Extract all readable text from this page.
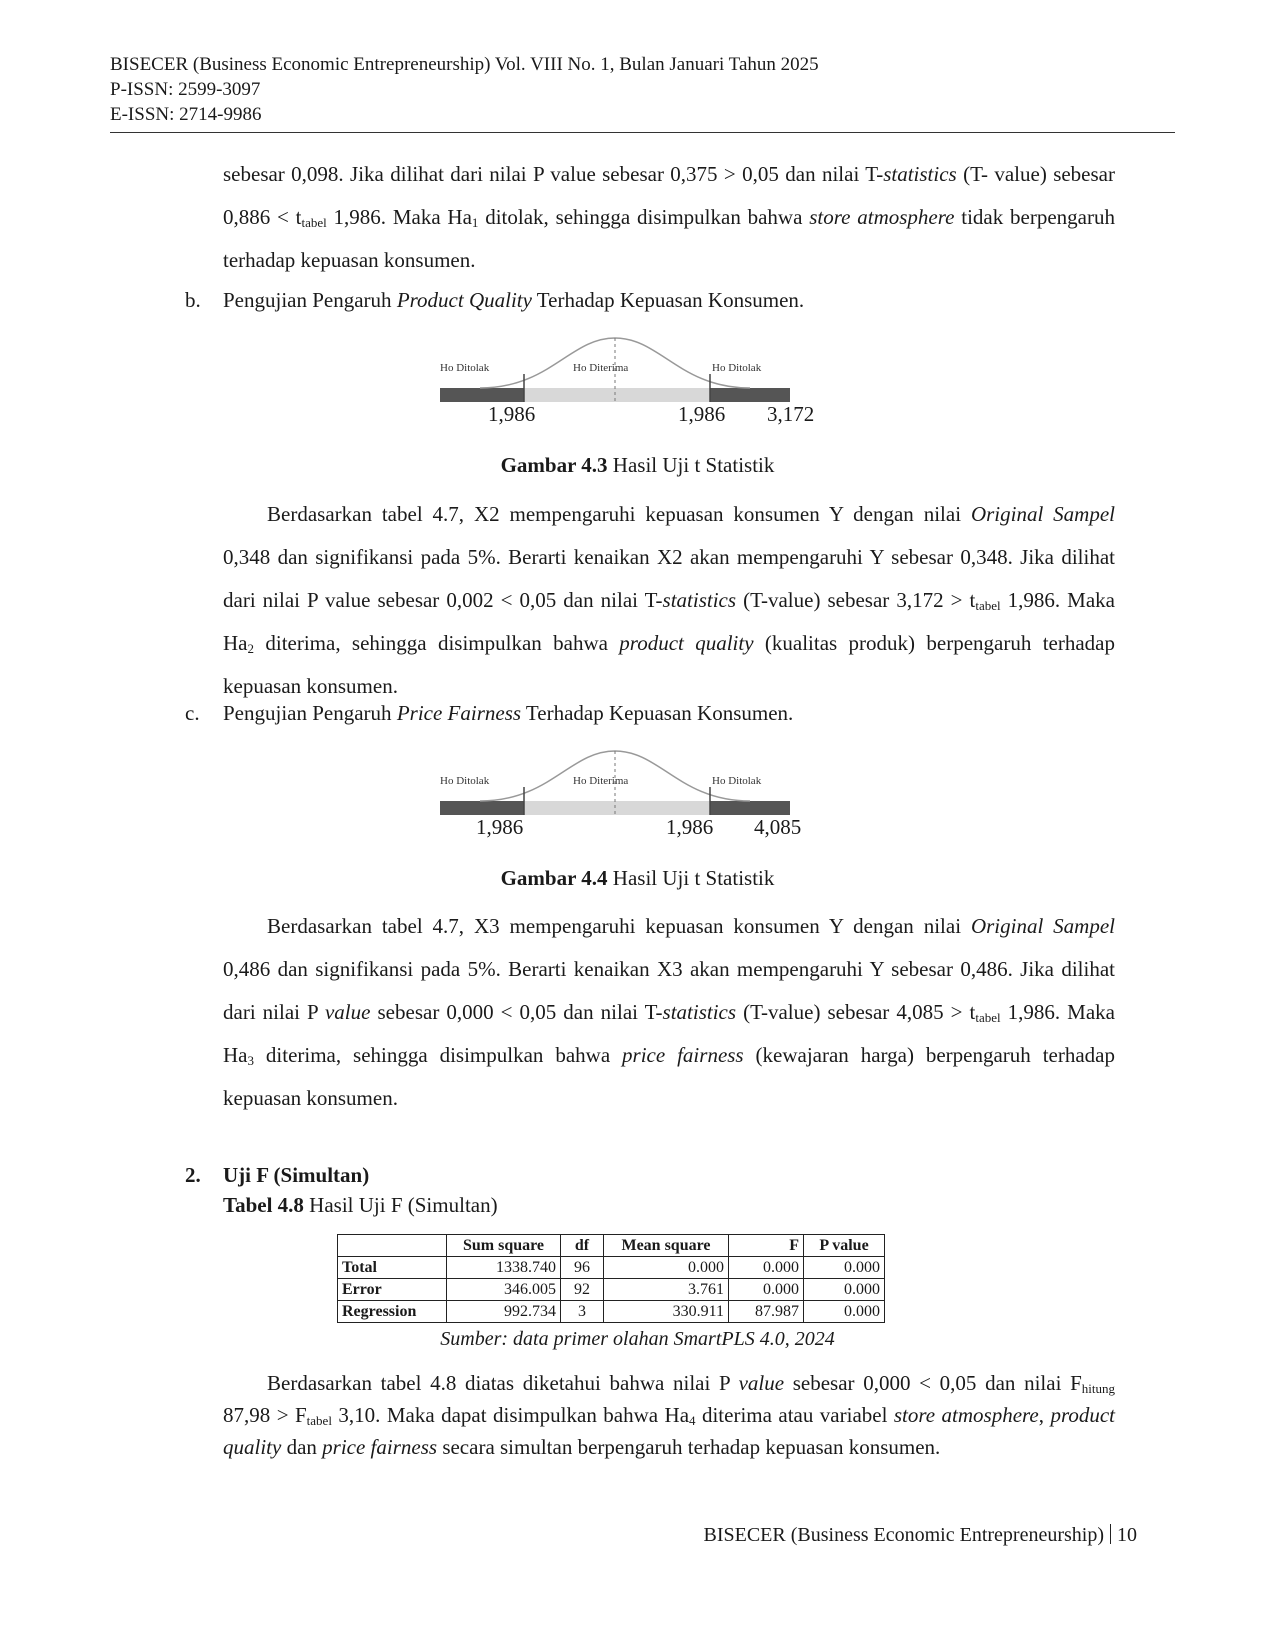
BISECER (Business Economic Entrepreneurship) Vol. VIII No. 1, Bulan Januari Tahun 2025
P-ISSN: 2599-3097
E-ISSN: 2714-9986
sebesar 0,098. Jika dilihat dari nilai P value sebesar 0,375 > 0,05 dan nilai T-statistics (T- value) sebesar $0,886 < t_{tabel}$ 1,986. Maka $Ha_1$ ditolak, sehingga disimpulkan bahwa store atmosphere tidak berpengaruh terhadap kepuasan konsumen.
b.	Pengujian Pengaruh Product Quality Terhadap Kepuasan Konsumen.
Ho Ditolak	Ho Diterima	Ho Ditolak
1,986	1,986 3,172
Gambar 4.3 Hasil Uji t Statistik
Berdasarkan tabel 4.7, X2 mempengaruhi kepuasan konsumen Y dengan nilai Original Sampel 0,348 dan signifikansi pada 5%. Berarti kenaikan X2 akan mempengaruhi Y sebesar 0,348. Jika dilihat dari nilai P value sebesar 0,002 < 0,05 dan nilai T-statistics (T-value) sebesar $3,172 > t_{tabel}$ 1,986. Maka $Ha_2$ diterima, sehingga disimpulkan bahwa product quality (kualitas produk) berpengaruh terhadap kepuasan konsumen.
c.	Pengujian Pengaruh Price Fairness Terhadap Kepuasan Konsumen.
Ho Ditolak	Ho Diterima	Ho Ditolak
1,986	1,986 4,085
Gambar 4.4 Hasil Uji t Statistik
Berdasarkan tabel 4.7, X3 mempengaruhi kepuasan konsumen Y dengan nilai Original Sampel 0,486 dan signifikansi pada 5%. Berarti kenaikan X3 akan mempengaruhi Y sebesar 0,486. Jika dilihat dari nilai P value sebesar 0,000 < 0,05 dan nilai T-statistics (T-value) sebesar $4,085 > t_{tabel}$ 1,986. Maka $Ha_3$ diterima, sehingga disimpulkan bahwa price fairness (kewajaran harga) berpengaruh terhadap kepuasan konsumen.
2. Uji F (Simultan)
Tabel 4.8 Hasil Uji F (Simultan)
	Sum square	df	Mean square	F	P value
Total	1338.740	96	0.000	0.000	0.000
Error	346.005	92	3.761	0.000	0.000
Regression	992.734	3	330.911	87.987	0.000
Sumber: data primer olahan SmartPLS 4.0, 2024
Berdasarkan tabel 4.8 diatas diketahui bahwa nilai P value sebesar 0,000 < 0,05 dan nilai $F_{hitung}$ $87,98 > F_{tabel}$ 3,10. Maka dapat disimpulkan bahwa $Ha_4$ diterima atau variabel store atmosphere, product quality dan price fairness secara simultan berpengaruh terhadap kepuasan konsumen.
BISECER (Business Economic Entrepreneurship) 10
